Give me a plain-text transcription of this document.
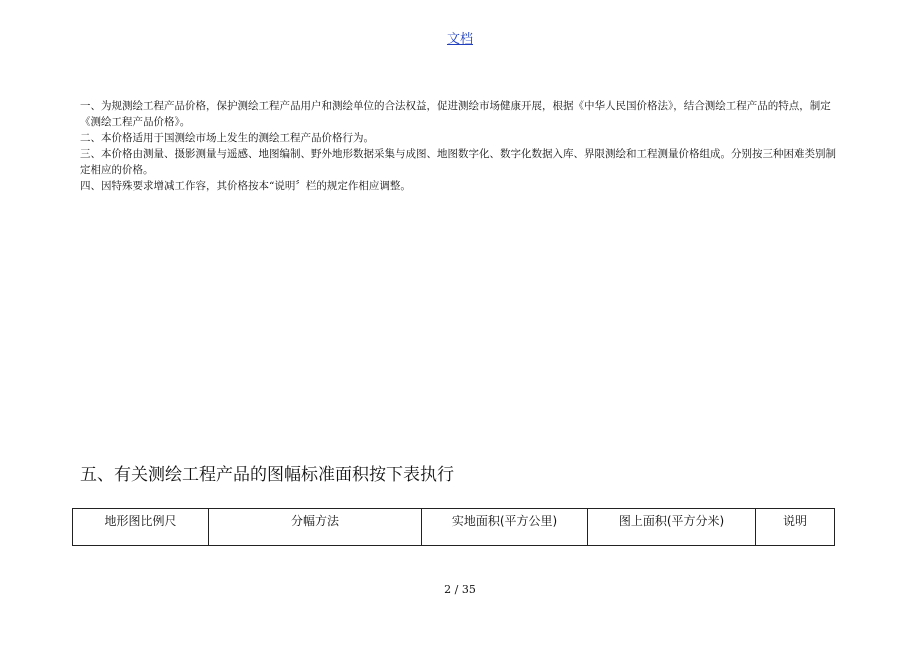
文档

一、为规测绘工程产品价格，保护测绘工程产品用户和测绘单位的合法权益，促进测绘市场健康开展，根据《中华人民国价格法》，结合测绘工程产品的特点，制定《测绘工程产品价格》。

二、本价格适用于国测绘市场上发生的测绘工程产品价格行为。

三、本价格由测量、摄影测量与遥感、地图编制、野外地形数据采集与成图、地图数字化、数字化数据入库、界限测绘和工程测量价格组成。分别按三种困难类别制定相应的价格。

四、因特殊要求增减工作容，其价格按本“说明〞栏的规定作相应调整。

五、有关测绘工程产品的图幅标准面积按下表执行
地形图比例尺	分幅方法	实地面积(平方公里)	图上面积(平方分米)	说明
2 / 35
